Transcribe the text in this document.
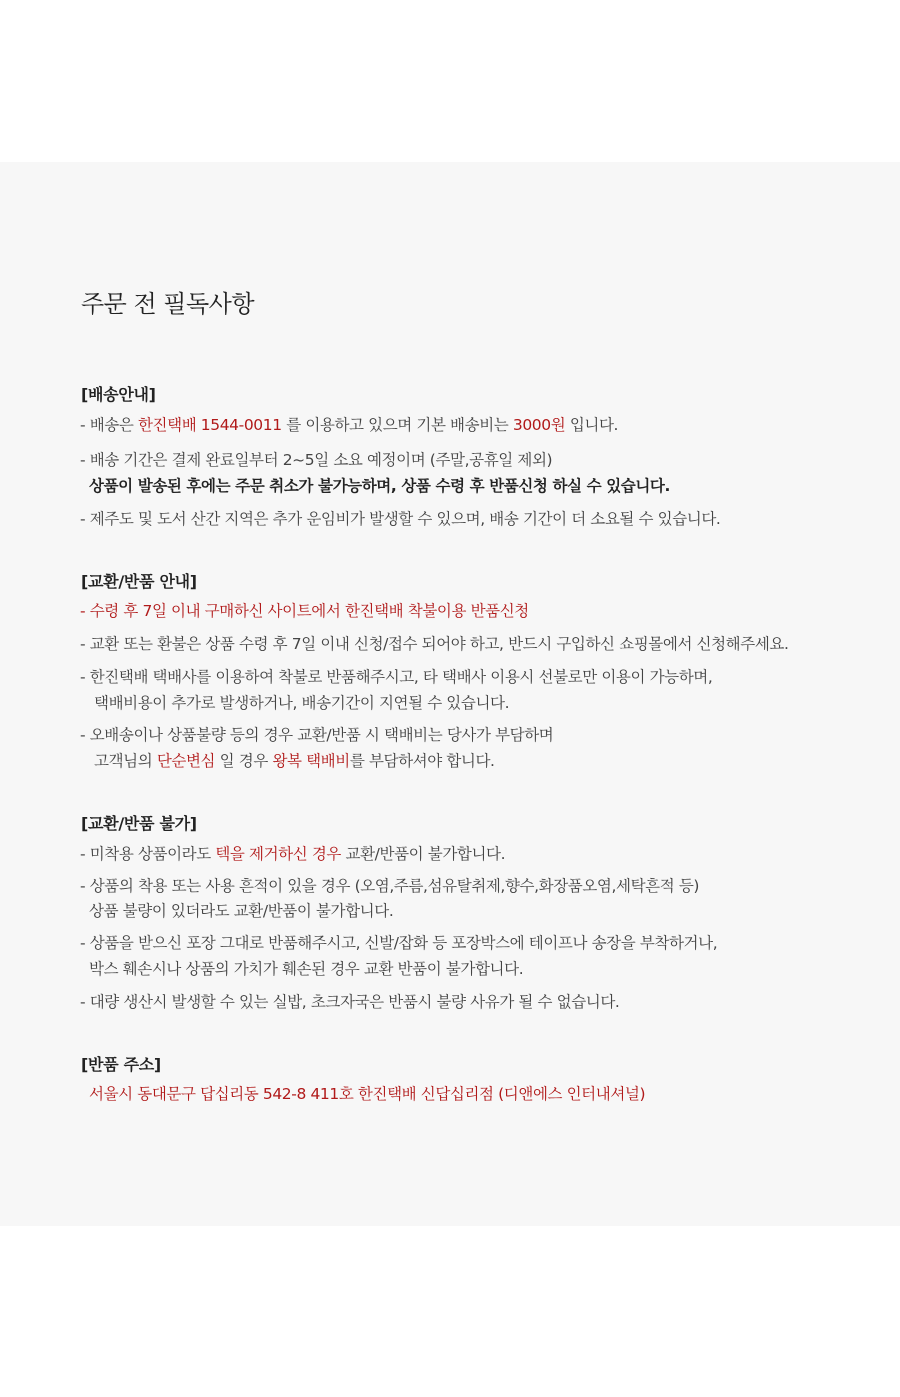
주문 전 필독사항
[배송안내]

- 배송은 한진택배 1544-0011 를 이용하고 있으며 기본 배송비는 3000원 입니다.

- 배송 기간은 결제 완료일부터 2~5일 소요 예정이며 (주말,공휴일 제외)

상품이 발송된 후에는 주문 취소가 불가능하며, 상품 수령 후 반품신청 하실 수 있습니다.

- 제주도 및 도서 산간 지역은 추가 운임비가 발생할 수 있으며, 배송 기간이 더 소요될 수 있습니다.

[교환/반품 안내]

- 수령 후 7일 이내 구매하신 사이트에서 한진택배 착불이용 반품신청

- 교환 또는 환불은 상품 수령 후 7일 이내 신청/접수 되어야 하고, 반드시 구입하신 쇼핑몰에서 신청해주세요.

- 한진택배 택배사를 이용하여 착불로 반품해주시고, 타 택배사 이용시 선불로만 이용이 가능하며,

택배비용이 추가로 발생하거나, 배송기간이 지연될 수 있습니다.

- 오배송이나 상품불량 등의 경우 교환/반품 시 택배비는 당사가 부담하며

고객님의 단순변심 일 경우 왕복 택배비를 부담하셔야 합니다.

[교환/반품 불가]

- 미착용 상품이라도 텍을 제거하신 경우 교환/반품이 불가합니다.

- 상품의 착용 또는 사용 흔적이 있을 경우 (오염,주름,섬유탈취제,향수,화장품오염,세탁흔적 등)

상품 불량이 있더라도 교환/반품이 불가합니다.

- 상품을 받으신 포장 그대로 반품해주시고, 신발/잡화 등 포장박스에 테이프나 송장을 부착하거나,

박스 훼손시나 상품의 가치가 훼손된 경우 교환 반품이 불가합니다.

- 대량 생산시 발생할 수 있는 실밥, 초크자국은 반품시 불량 사유가 될 수 없습니다.

[반품 주소]

서울시 동대문구 답십리동 542-8 411호 한진택배 신답십리점 (디앤에스 인터내셔널)
